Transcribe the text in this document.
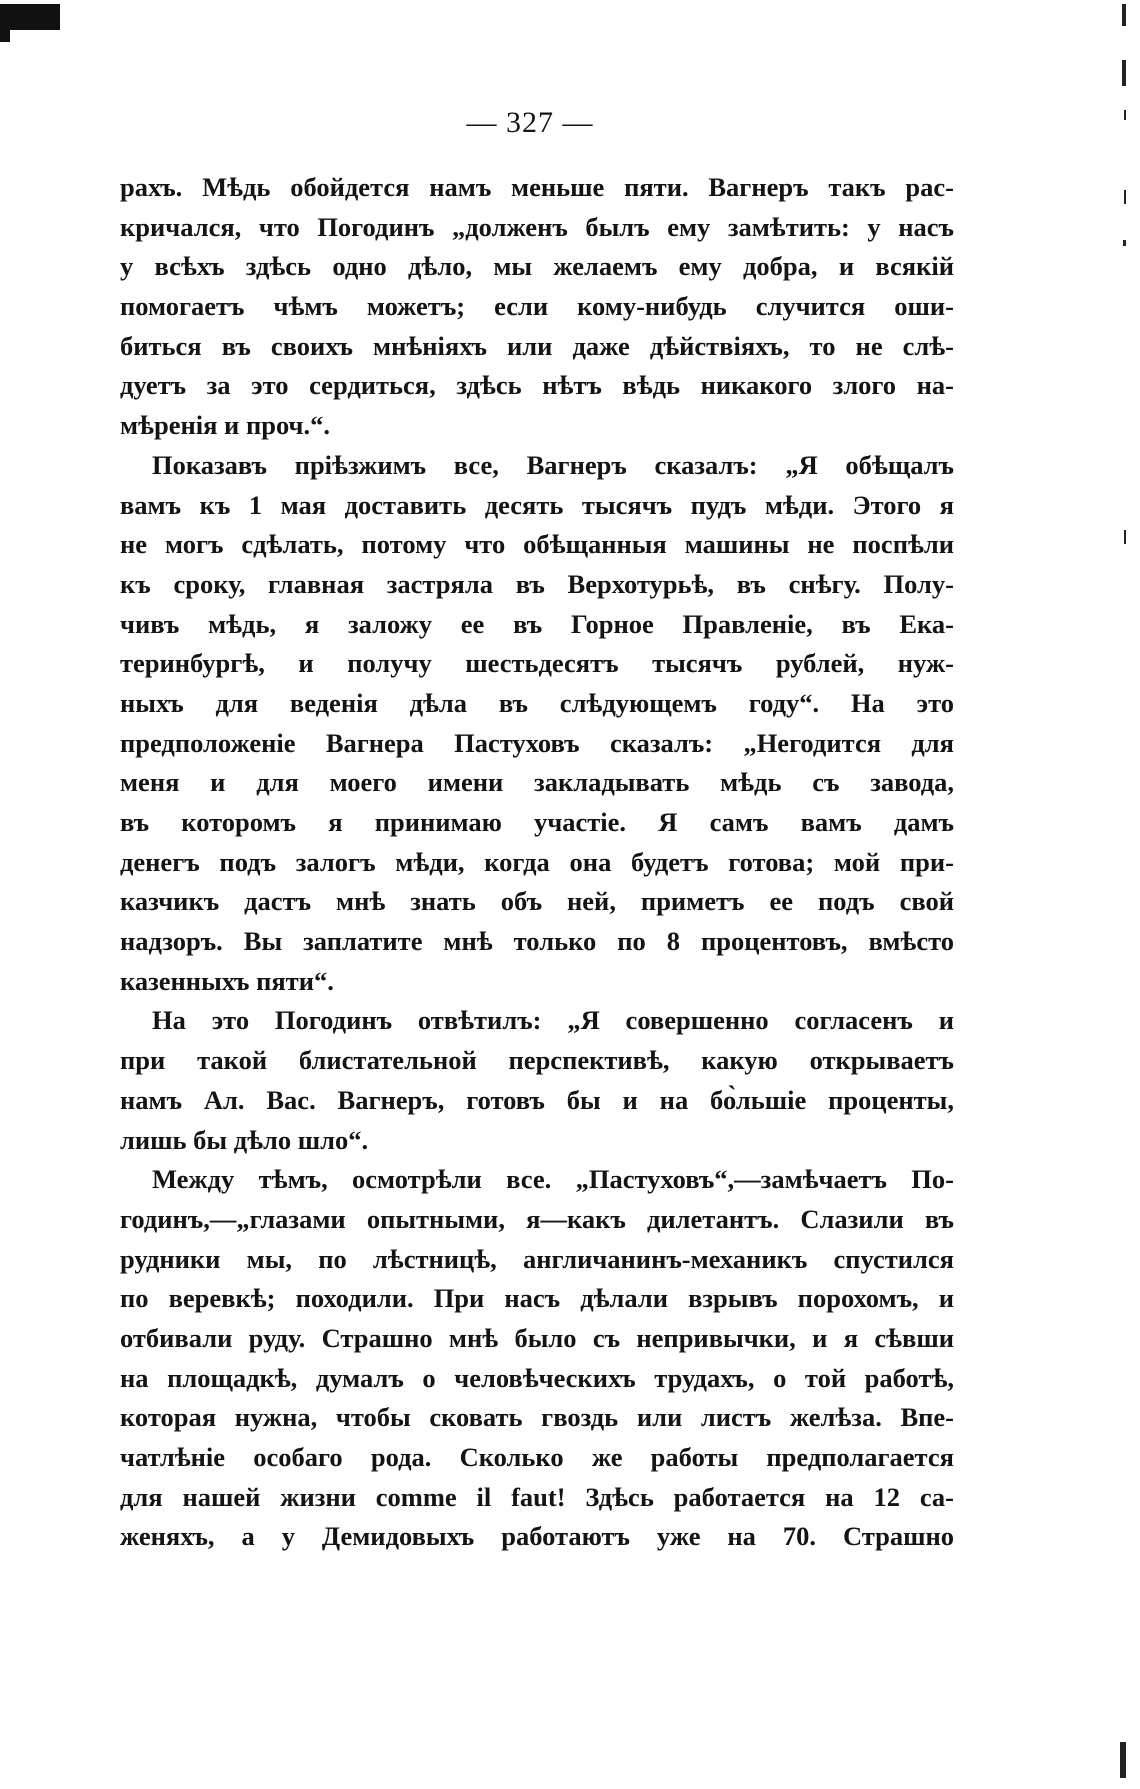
— 327 —
рахъ. Мѣдь обойдется намъ меньше пяти. Вагнеръ такъ рас-
кричался, что Погодинъ „долженъ былъ ему замѣтить: у насъ
у всѣхъ здѣсь одно дѣло, мы желаемъ ему добра, и всякій
помогаетъ чѣмъ можетъ; если кому-нибудь случится оши-
биться въ своихъ мнѣніяхъ или даже дѣйствіяхъ, то не слѣ-
дуетъ за это сердиться, здѣсь нѣтъ вѣдь никакого злого на-
мѣренія и проч.“.
Показавъ пріѣзжимъ все, Вагнеръ сказалъ: „Я обѣщалъ
вамъ къ 1 мая доставить десять тысячъ пудъ мѣди. Этого я
не могъ сдѣлать, потому что обѣщанныя машины не поспѣли
къ сроку, главная застряла въ Верхотурьѣ, въ снѣгу. Полу-
чивъ мѣдь, я заложу ее въ Горное Правленіе, въ Ека-
теринбургѣ, и получу шестьдесятъ тысячъ рублей, нуж-
ныхъ для веденія дѣла въ слѣдующемъ году“. На это
предположеніе Вагнера Пастуховъ сказалъ: „Негодится для
меня и для моего имени закладывать мѣдь съ завода,
въ которомъ я принимаю участіе. Я самъ вамъ дамъ
денегъ подъ залогъ мѣди, когда она будетъ готова; мой при-
казчикъ дастъ мнѣ знать объ ней, приметъ ее подъ свой
надзоръ. Вы заплатите мнѣ только по 8 процентовъ, вмѣсто
казенныхъ пяти“.
На это Погодинъ отвѣтилъ: „Я совершенно согласенъ и
при такой блистательной перспективѣ, какую открываетъ
намъ Ал. Вас. Вагнеръ, готовъ бы и на бо̀льшіе проценты,
лишь бы дѣло шло“.
Между тѣмъ, осмотрѣли все. „Пастуховъ“,—замѣчаетъ По-
годинъ,—„глазами опытными, я—какъ дилетантъ. Слазили въ
рудники мы, по лѣстницѣ, англичанинъ-механикъ спустился
по веревкѣ; походили. При насъ дѣлали взрывъ порохомъ, и
отбивали руду. Страшно мнѣ было съ непривычки, и я сѣвши
на площадкѣ, думалъ о человѣческихъ трудахъ, о той работѣ,
которая нужна, чтобы сковать гвоздь или листъ желѣза. Впе-
чатлѣніе особаго рода. Сколько же работы предполагается
для нашей жизни comme il faut! Здѣсь работается на 12 са-
женяхъ, а у Демидовыхъ работаютъ уже на 70. Страшно
